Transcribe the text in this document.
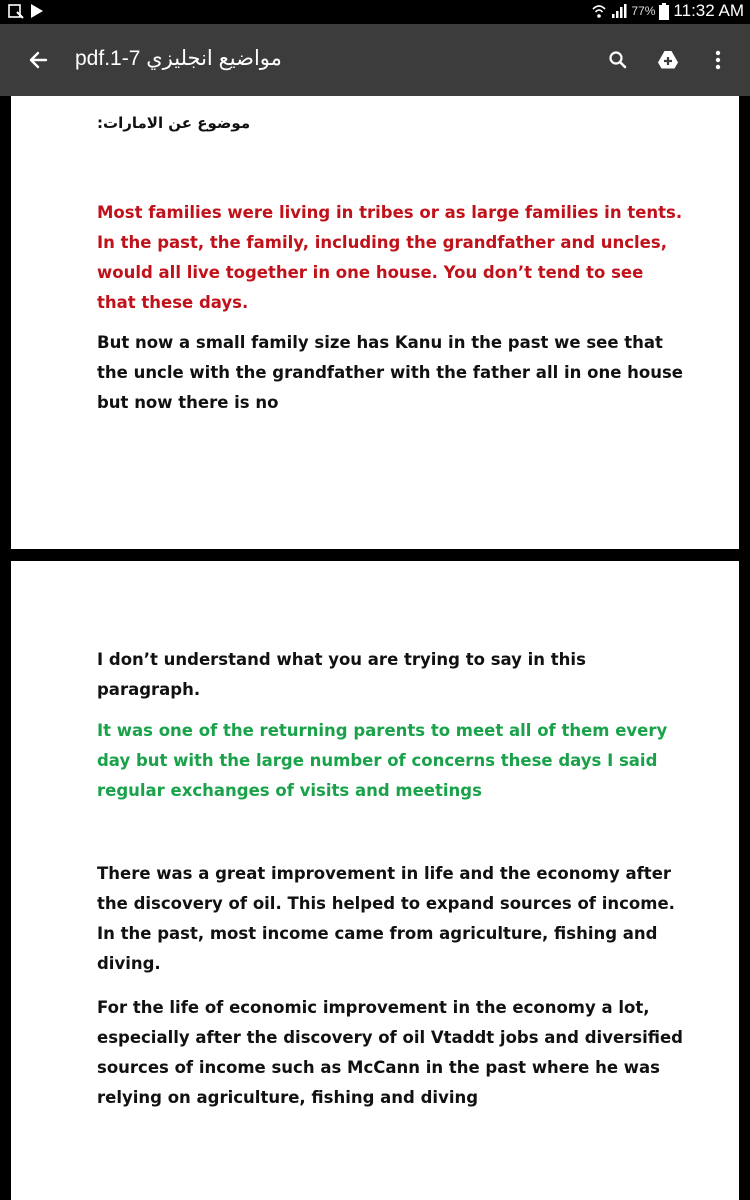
77% 11:32 AM
pdf.1-7 مواضيع انجليزي
موضوع عن الامارات:

Most families were living in tribes or as large families in tents. In the past, the family, including the grandfather and uncles, would all live together in one house. You don’t tend to see that these days.

But now a small family size has Kanu in the past we see that the uncle with the grandfather with the father all in one house but now there is no

I don’t understand what you are trying to say in this paragraph.

It was one of the returning parents to meet all of them every day but with the large number of concerns these days I said regular exchanges of visits and meetings

There was a great improvement in life and the economy after the discovery of oil. This helped to expand sources of income. In the past, most income came from agriculture, fishing and diving.

For the life of economic improvement in the economy a lot, especially after the discovery of oil Vtaddt jobs and diversified sources of income such as McCann in the past where he was relying on agriculture, fishing and diving
